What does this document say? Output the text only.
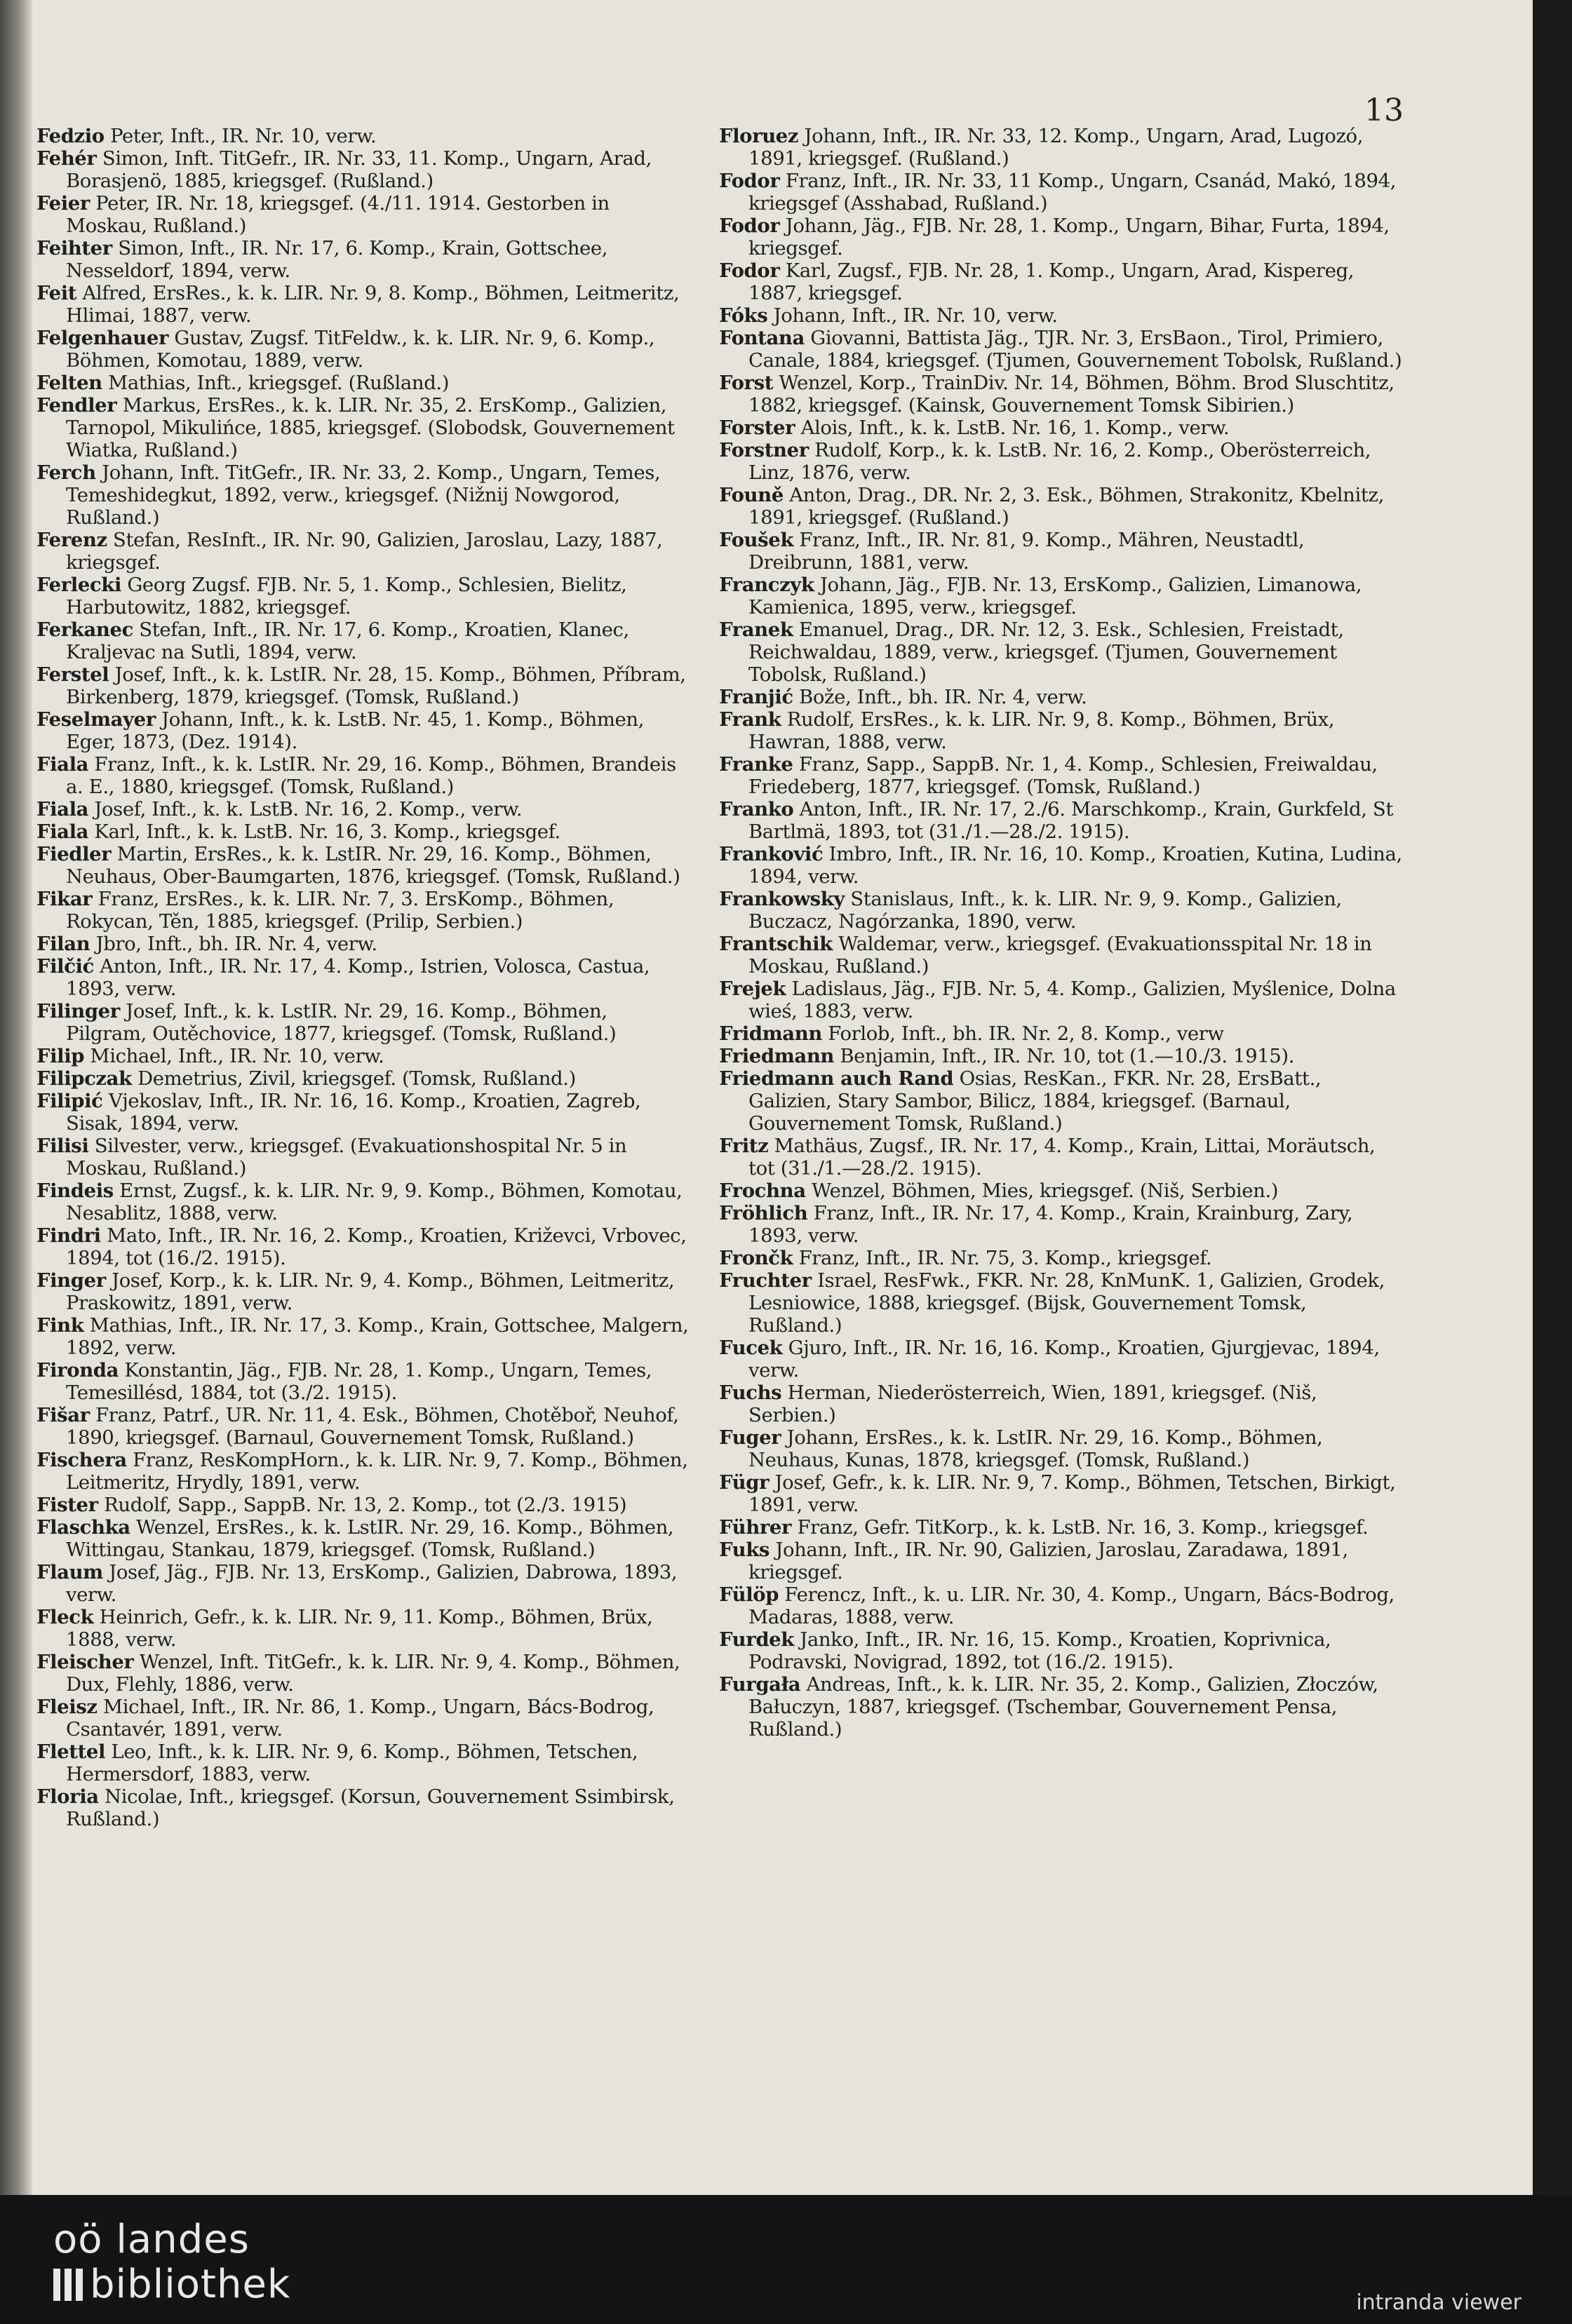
13
Fedzio Peter, Inft., IR. Nr. 10, verw.
Fehér Simon, Inft. TitGefr., IR. Nr. 33, 11. Komp., Ungarn, Arad, Borasjenö, 1885, kriegsgef. (Rußland.)
Feier Peter, IR. Nr. 18, kriegsgef. (4./11. 1914. Gestorben in Moskau, Rußland.)
Feihter Simon, Inft., IR. Nr. 17, 6. Komp., Krain, Gottschee, Nesseldorf, 1894, verw.
Feit Alfred, ErsRes., k. k. LIR. Nr. 9, 8. Komp., Böhmen, Leitmeritz, Hlimai, 1887, verw.
Felgenhauer Gustav, Zugsf. TitFeldw., k. k. LIR. Nr. 9, 6. Komp., Böhmen, Komotau, 1889, verw.
Felten Mathias, Inft., kriegsgef. (Rußland.)
Fendler Markus, ErsRes., k. k. LIR. Nr. 35, 2. ErsKomp., Galizien, Tarnopol, Mikulińce, 1885, kriegsgef. (Slobodsk, Gouvernement Wiatka, Rußland.)
Ferch Johann, Inft. TitGefr., IR. Nr. 33, 2. Komp., Ungarn, Temes, Temeshidegkut, 1892, verw., kriegsgef. (Nižnij Nowgorod, Rußland.)
Ferenz Stefan, ResInft., IR. Nr. 90, Galizien, Jaroslau, Lazy, 1887, kriegsgef.
Ferlecki Georg Zugsf. FJB. Nr. 5, 1. Komp., Schlesien, Bielitz, Harbutowitz, 1882, kriegsgef.
Ferkanec Stefan, Inft., IR. Nr. 17, 6. Komp., Kroatien, Klanec, Kraljevac na Sutli, 1894, verw.
Ferstel Josef, Inft., k. k. LstIR. Nr. 28, 15. Komp., Böhmen, Příbram, Birkenberg, 1879, kriegsgef. (Tomsk, Rußland.)
Feselmayer Johann, Inft., k. k. LstB. Nr. 45, 1. Komp., Böhmen, Eger, 1873, (Dez. 1914).
Fiala Franz, Inft., k. k. LstIR. Nr. 29, 16. Komp., Böhmen, Brandeis a. E., 1880, kriegsgef. (Tomsk, Rußland.)
Fiala Josef, Inft., k. k. LstB. Nr. 16, 2. Komp., verw.
Fiala Karl, Inft., k. k. LstB. Nr. 16, 3. Komp., kriegsgef.
Fiedler Martin, ErsRes., k. k. LstIR. Nr. 29, 16. Komp., Böhmen, Neuhaus, Ober-Baumgarten, 1876, kriegsgef. (Tomsk, Rußland.)
Fikar Franz, ErsRes., k. k. LIR. Nr. 7, 3. ErsKomp., Böhmen, Rokycan, Těn, 1885, kriegsgef. (Prilip, Serbien.)
Filan Jbro, Inft., bh. IR. Nr. 4, verw.
Filčić Anton, Inft., IR. Nr. 17, 4. Komp., Istrien, Volosca, Castua, 1893, verw.
Filinger Josef, Inft., k. k. LstIR. Nr. 29, 16. Komp., Böhmen, Pilgram, Outěchovice, 1877, kriegsgef. (Tomsk, Rußland.)
Filip Michael, Inft., IR. Nr. 10, verw.
Filipczak Demetrius, Zivil, kriegsgef. (Tomsk, Rußland.)
Filipić Vjekoslav, Inft., IR. Nr. 16, 16. Komp., Kroatien, Zagreb, Sisak, 1894, verw.
Filisi Silvester, verw., kriegsgef. (Evakuationshospital Nr. 5 in Moskau, Rußland.)
Findeis Ernst, Zugsf., k. k. LIR. Nr. 9, 9. Komp., Böhmen, Komotau, Nesablitz, 1888, verw.
Findri Mato, Inft., IR. Nr. 16, 2. Komp., Kroatien, Križevci, Vrbovec, 1894, tot (16./2. 1915).
Finger Josef, Korp., k. k. LIR. Nr. 9, 4. Komp., Böhmen, Leitmeritz, Praskowitz, 1891, verw.
Fink Mathias, Inft., IR. Nr. 17, 3. Komp., Krain, Gottschee, Malgern, 1892, verw.
Fironda Konstantin, Jäg., FJB. Nr. 28, 1. Komp., Ungarn, Temes, Temesillésd, 1884, tot (3./2. 1915).
Fišar Franz, Patrf., UR. Nr. 11, 4. Esk., Böhmen, Chotěboř, Neuhof, 1890, kriegsgef. (Barnaul, Gouvernement Tomsk, Rußland.)
Fischera Franz, ResKompHorn., k. k. LIR. Nr. 9, 7. Komp., Böhmen, Leitmeritz, Hrydly, 1891, verw.
Fister Rudolf, Sapp., SappB. Nr. 13, 2. Komp., tot (2./3. 1915)
Flaschka Wenzel, ErsRes., k. k. LstIR. Nr. 29, 16. Komp., Böhmen, Wittingau, Stankau, 1879, kriegsgef. (Tomsk, Rußland.)
Flaum Josef, Jäg., FJB. Nr. 13, ErsKomp., Galizien, Dabrowa, 1893, verw.
Fleck Heinrich, Gefr., k. k. LIR. Nr. 9, 11. Komp., Böhmen, Brüx, 1888, verw.
Fleischer Wenzel, Inft. TitGefr., k. k. LIR. Nr. 9, 4. Komp., Böhmen, Dux, Flehly, 1886, verw.
Fleisz Michael, Inft., IR. Nr. 86, 1. Komp., Ungarn, Bács-Bodrog, Csantavér, 1891, verw.
Flettel Leo, Inft., k. k. LIR. Nr. 9, 6. Komp., Böhmen, Tetschen, Hermersdorf, 1883, verw.
Floria Nicolae, Inft., kriegsgef. (Korsun, Gouvernement Ssimbirsk, Rußland.)
Floruez Johann, Inft., IR. Nr. 33, 12. Komp., Ungarn, Arad, Lugozó, 1891, kriegsgef. (Rußland.)
Fodor Franz, Inft., IR. Nr. 33, 11 Komp., Ungarn, Csanád, Makó, 1894, kriegsgef (Asshabad, Rußland.)
Fodor Johann, Jäg., FJB. Nr. 28, 1. Komp., Ungarn, Bihar, Furta, 1894, kriegsgef.
Fodor Karl, Zugsf., FJB. Nr. 28, 1. Komp., Ungarn, Arad, Kispereg, 1887, kriegsgef.
Fóks Johann, Inft., IR. Nr. 10, verw.
Fontana Giovanni, Battista Jäg., TJR. Nr. 3, ErsBaon., Tirol, Primiero, Canale, 1884, kriegsgef. (Tjumen, Gouvernement Tobolsk, Rußland.)
Forst Wenzel, Korp., TrainDiv. Nr. 14, Böhmen, Böhm. Brod Sluschtitz, 1882, kriegsgef. (Kainsk, Gouvernement Tomsk Sibirien.)
Forster Alois, Inft., k. k. LstB. Nr. 16, 1. Komp., verw.
Forstner Rudolf, Korp., k. k. LstB. Nr. 16, 2. Komp., Oberösterreich, Linz, 1876, verw.
Founě Anton, Drag., DR. Nr. 2, 3. Esk., Böhmen, Strakonitz, Kbelnitz, 1891, kriegsgef. (Rußland.)
Foušek Franz, Inft., IR. Nr. 81, 9. Komp., Mähren, Neustadtl, Dreibrunn, 1881, verw.
Franczyk Johann, Jäg., FJB. Nr. 13, ErsKomp., Galizien, Limanowa, Kamienica, 1895, verw., kriegsgef.
Franek Emanuel, Drag., DR. Nr. 12, 3. Esk., Schlesien, Freistadt, Reichwaldau, 1889, verw., kriegsgef. (Tjumen, Gouvernement Tobolsk, Rußland.)
Franjić Bože, Inft., bh. IR. Nr. 4, verw.
Frank Rudolf, ErsRes., k. k. LIR. Nr. 9, 8. Komp., Böhmen, Brüx, Hawran, 1888, verw.
Franke Franz, Sapp., SappB. Nr. 1, 4. Komp., Schlesien, Freiwaldau, Friedeberg, 1877, kriegsgef. (Tomsk, Rußland.)
Franko Anton, Inft., IR. Nr. 17, 2./6. Marschkomp., Krain, Gurkfeld, St Bartlmä, 1893, tot (31./1.—28./2. 1915).
Franković Imbro, Inft., IR. Nr. 16, 10. Komp., Kroatien, Kutina, Ludina, 1894, verw.
Frankowsky Stanislaus, Inft., k. k. LIR. Nr. 9, 9. Komp., Galizien, Buczacz, Nagórzanka, 1890, verw.
Frantschik Waldemar, verw., kriegsgef. (Evakuationsspital Nr. 18 in Moskau, Rußland.)
Frejek Ladislaus, Jäg., FJB. Nr. 5, 4. Komp., Galizien, Myślenice, Dolna wieś, 1883, verw.
Fridmann Forlob, Inft., bh. IR. Nr. 2, 8. Komp., verw
Friedmann Benjamin, Inft., IR. Nr. 10, tot (1.—10./3. 1915).
Friedmann auch Rand Osias, ResKan., FKR. Nr. 28, ErsBatt., Galizien, Stary Sambor, Bilicz, 1884, kriegsgef. (Barnaul, Gouvernement Tomsk, Rußland.)
Fritz Mathäus, Zugsf., IR. Nr. 17, 4. Komp., Krain, Littai, Moräutsch, tot (31./1.—28./2. 1915).
Frochna Wenzel, Böhmen, Mies, kriegsgef. (Niš, Serbien.)
Fröhlich Franz, Inft., IR. Nr. 17, 4. Komp., Krain, Krainburg, Zary, 1893, verw.
Frončk Franz, Inft., IR. Nr. 75, 3. Komp., kriegsgef.
Fruchter Israel, ResFwk., FKR. Nr. 28, KnMunK. 1, Galizien, Grodek, Lesniowice, 1888, kriegsgef. (Bijsk, Gouvernement Tomsk, Rußland.)
Fucek Gjuro, Inft., IR. Nr. 16, 16. Komp., Kroatien, Gjurgjevac, 1894, verw.
Fuchs Herman, Niederösterreich, Wien, 1891, kriegsgef. (Niš, Serbien.)
Fuger Johann, ErsRes., k. k. LstIR. Nr. 29, 16. Komp., Böhmen, Neuhaus, Kunas, 1878, kriegsgef. (Tomsk, Rußland.)
Fügr Josef, Gefr., k. k. LIR. Nr. 9, 7. Komp., Böhmen, Tetschen, Birkigt, 1891, verw.
Führer Franz, Gefr. TitKorp., k. k. LstB. Nr. 16, 3. Komp., kriegsgef.
Fuks Johann, Inft., IR. Nr. 90, Galizien, Jaroslau, Zaradawa, 1891, kriegsgef.
Fülöp Ferencz, Inft., k. u. LIR. Nr. 30, 4. Komp., Ungarn, Bács-Bodrog, Madaras, 1888, verw.
Furdek Janko, Inft., IR. Nr. 16, 15. Komp., Kroatien, Koprivnica, Podravski, Novigrad, 1892, tot (16./2. 1915).
Furgała Andreas, Inft., k. k. LIR. Nr. 35, 2. Komp., Galizien, Złoczów, Bałuczyn, 1887, kriegsgef. (Tschembar, Gouvernement Pensa, Rußland.)
oö landes
bibliothek	intranda viewer
